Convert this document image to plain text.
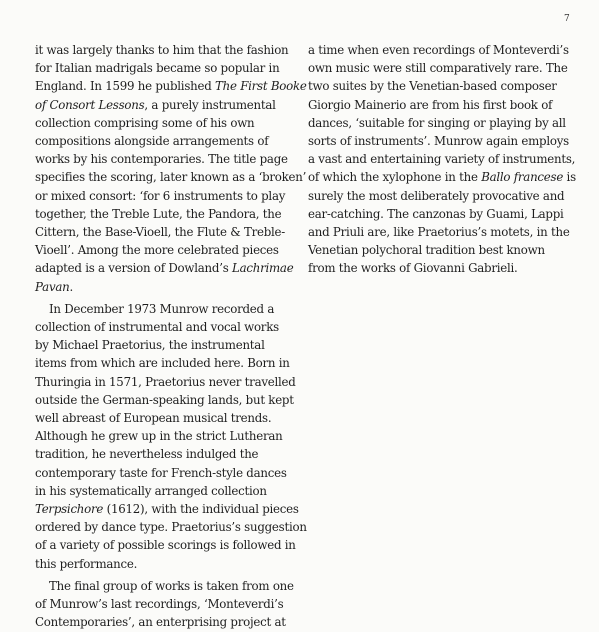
7
it was largely thanks to him that the fashion
for Italian madrigals became so popular in
England. In 1599 he published The First Booke
of Consort Lessons, a purely instrumental
collection comprising some of his own
compositions alongside arrangements of
works by his contemporaries. The title page
specifies the scoring, later known as a ‘broken’
or mixed consort: ‘for 6 instruments to play
together, the Treble Lute, the Pandora, the
Cittern, the Base-Vioell, the Flute & Treble-
Vioell’. Among the more celebrated pieces
adapted is a version of Dowland’s Lachrimae
Pavan.
In December 1973 Munrow recorded a
collection of instrumental and vocal works
by Michael Praetorius, the instrumental
items from which are included here. Born in
Thuringia in 1571, Praetorius never travelled
outside the German-speaking lands, but kept
well abreast of European musical trends.
Although he grew up in the strict Lutheran
tradition, he nevertheless indulged the
contemporary taste for French-style dances
in his systematically arranged collection
Terpsichore (1612), with the individual pieces
ordered by dance type. Praetorius’s suggestion
of a variety of possible scorings is followed in
this performance.
The final group of works is taken from one
of Munrow’s last recordings, ‘Monteverdi’s
Contemporaries’, an enterprising project at
a time when even recordings of Monteverdi’s
own music were still comparatively rare. The
two suites by the Venetian-based composer
Giorgio Mainerio are from his first book of
dances, ‘suitable for singing or playing by all
sorts of instruments’. Munrow again employs
a vast and entertaining variety of instruments,
of which the xylophone in the Ballo francese is
surely the most deliberately provocative and
ear-catching. The canzonas by Guami, Lappi
and Priuli are, like Praetorius’s motets, in the
Venetian polychoral tradition best known
from the works of Giovanni Gabrieli.
